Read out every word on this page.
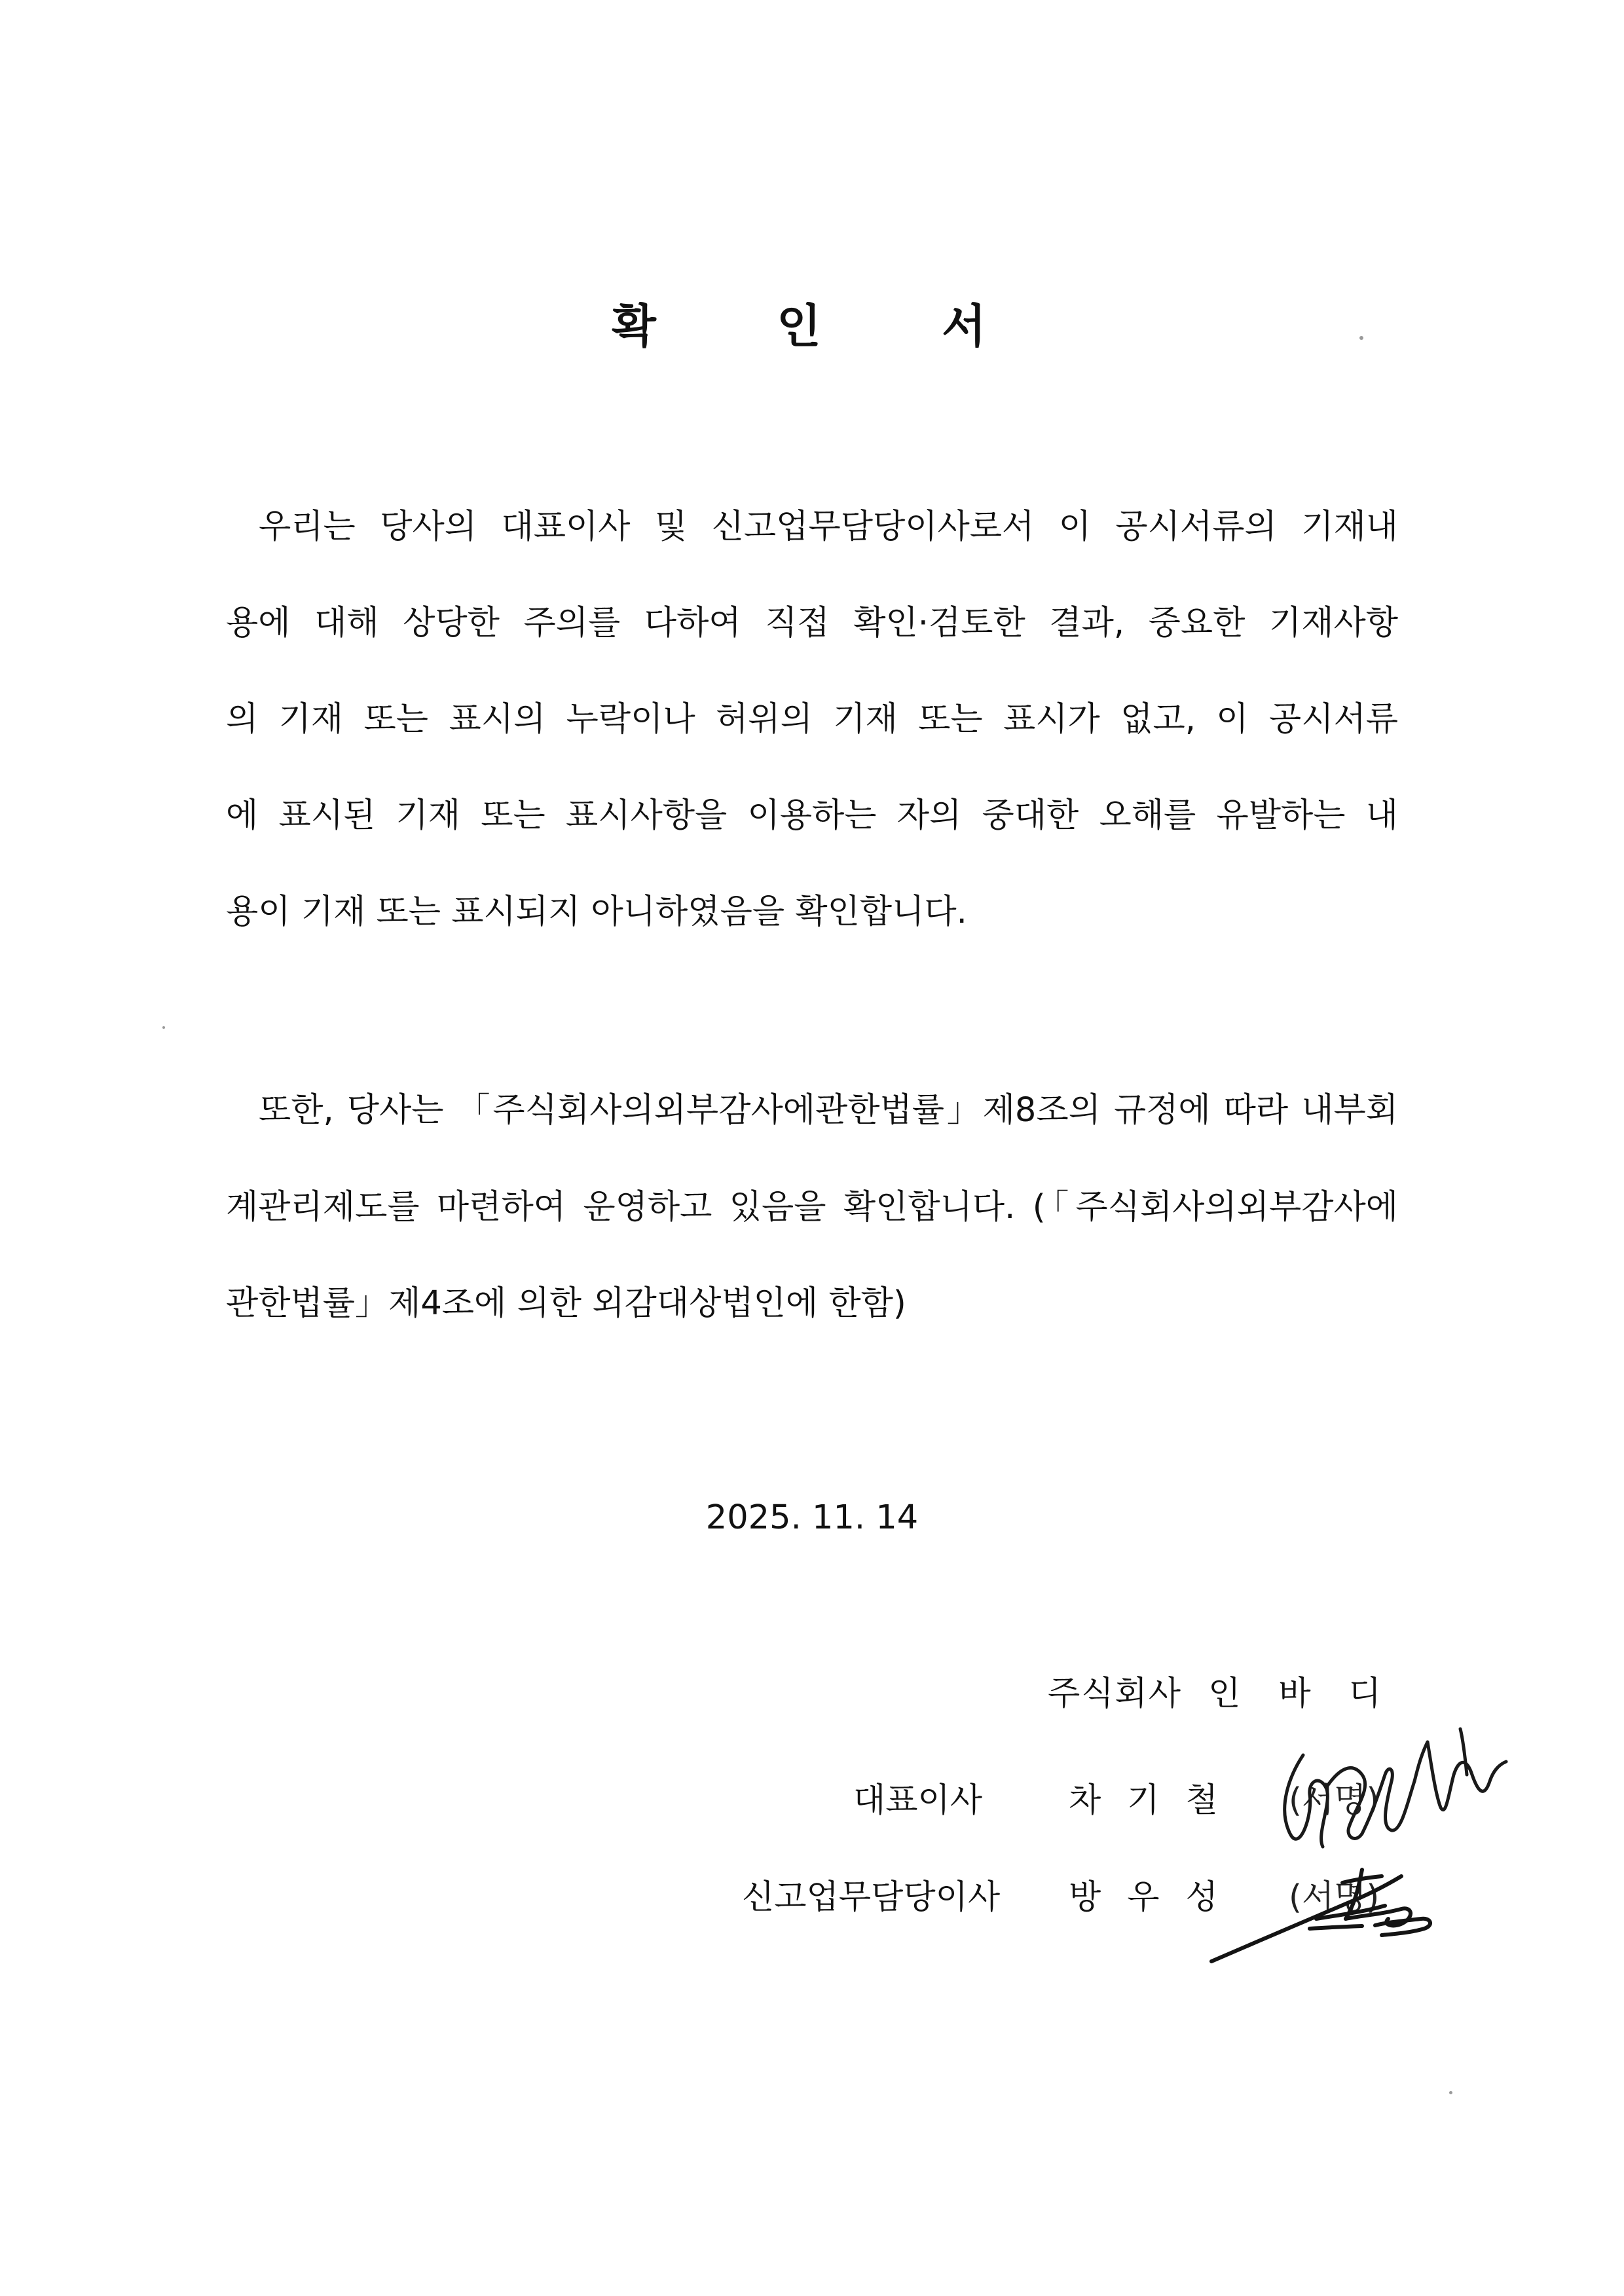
확 인 서
우리는 당사의 대표이사 및 신고업무담당이사로서 이 공시서류의 기재내
용에 대해 상당한 주의를 다하여 직접 확인·검토한 결과, 중요한 기재사항
의 기재 또는 표시의 누락이나 허위의 기재 또는 표시가 없고, 이 공시서류
에 표시된 기재 또는 표시사항을 이용하는 자의 중대한 오해를 유발하는 내
용이 기재 또는 표시되지 아니하였음을 확인합니다.
또한, 당사는 「주식회사의외부감사에관한법률」제8조의 규정에 따라 내부회
계관리제도를 마련하여 운영하고 있음을 확인합니다. (「주식회사의외부감사에
관한법률」제4조에 의한 외감대상법인에 한함)
2025. 11. 14
주식회사 인바디
대표이사	차기철 (서명)
신고업무담당이사 방우성 (서명)
